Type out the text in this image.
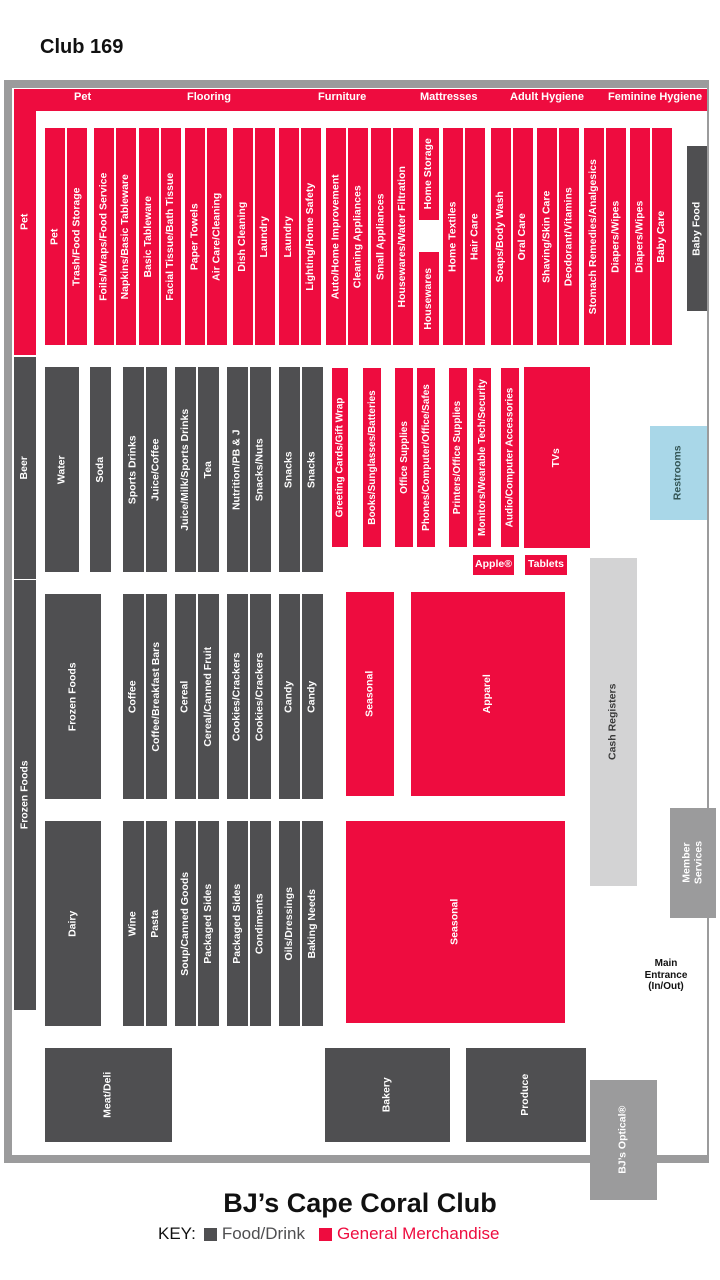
Club 169
Pet	Flooring	Furniture	Mattresses	Adult Hygiene Feminine Hygiene
Pet
Beer
Frozen Foods
Pet Trash/Food Storage Foils/Wraps/Food Service Napkins/Basic Tableware Basic Tableware Facial Tissue/Bath Tissue Paper Towels Air Care/Cleaning Dish Cleaning Laundry Laundry Lighting/Home Safety Auto/Home Improvement Cleaning Appliances Small Appliances Housewares/Water Filtration Home Storage
Housewares
Home Textiles Hair Care Soaps/Body Wash Oral Care Shaving/Skin Care Deodorant/Vitamins Stomach Remedies/Analgesics Diapers/Wipes Diapers/Wipes Baby Care Baby Food
Restrooms
Member Services
Main
Entrance
(In/Out)
BJ’s Optical®
Water	Soda Sports Drinks Juice/Coffee Juice/Milk/Sports Drinks Tea Nutrition/PB & J Snacks/Nuts Snacks Snacks Greeting Cards/Gift Wrap Books/Sunglasses/Batteries Office Supplies Phones/Computer/Office/Safes Printers/Office Supplies Monitors/Wearable Tech/Security Audio/Computer Accessories	TVs
Apple® Tablets
Frozen Foods	Coffee Coffee/Breakfast Bars Cereal Cereal/Canned Fruit Cookies/Crackers Cookies/Crackers Candy Candy	Seasonal	Apparel	Cash Registers
Dairy	Wine Pasta Soup/Canned Goods Packaged Sides Packaged Sides Condiments Oils/Dressings Baking Needs	Seasonal
Meat/Deli	Bakery	Produce
BJ’s Cape Coral Club
KEY: Food/Drink General Merchandise
